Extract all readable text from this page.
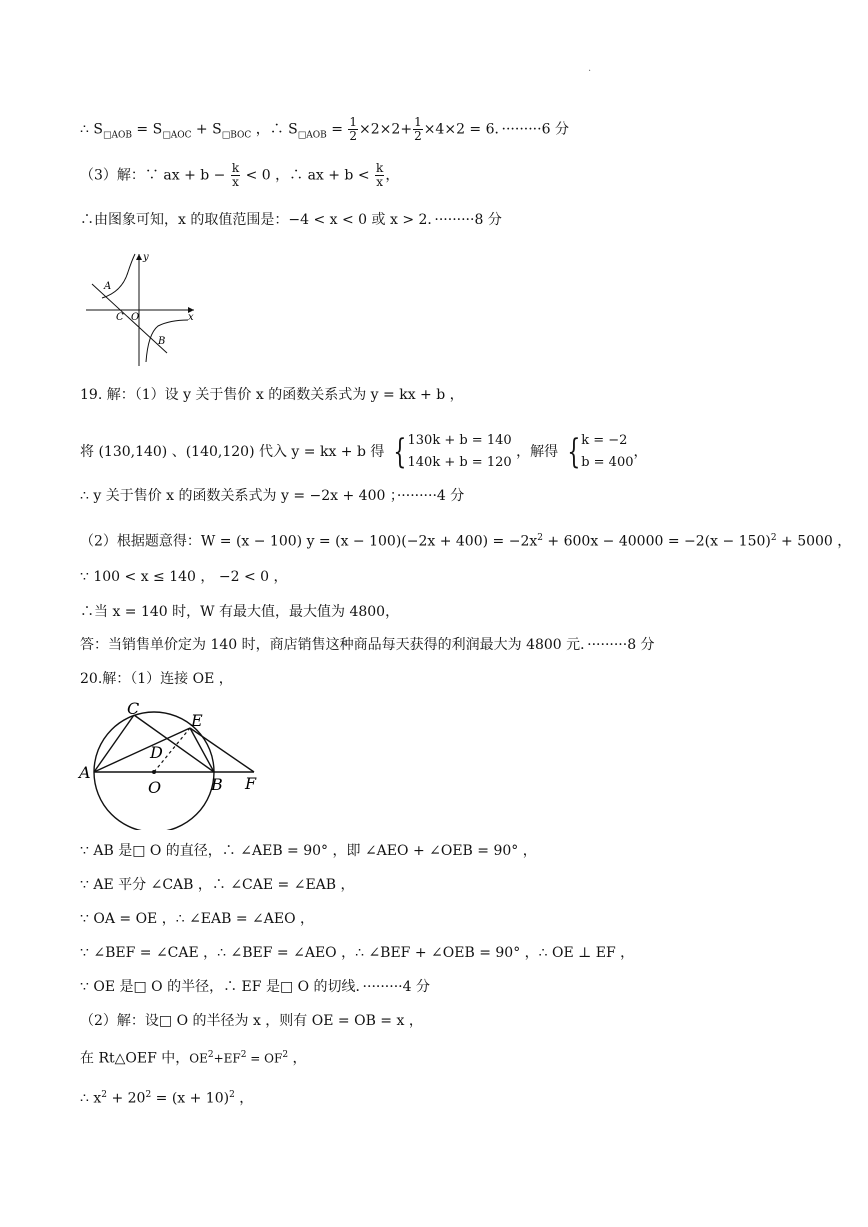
·
∴ $S_{□AOB} = S_{□AOC} + S_{□BOC}$ ，∴ $S_{□AOB} = \frac{1}{2} \times 2\times 2+ \frac{1}{2} \times 4\times 2 = 6$．·········6 分
（3）解：∵ ax + $b - \frac{k}{x} < 0$ ，∴ ax + $b < \frac{k}{x}$ ，
∴由图象可知，x 的取值范围是：−4 < x < 0 或 x > 2．·········8 分
y
x
A
C O
B
19. 解：（1）设 y 关于售价 x 的函数关系式为 y = kx + b ，
将 (130,140) 、(140,120) 代入 y = kx + b 得 { 130k + b = 140
140k + b = 120
，解得 { k = −2
b = 400
，
∴ y 关于售价 x 的函数关系式为 y = −2x + 400 ；·········4 分
（2）根据题意得：W = (x − 100) $y = (x - 100)(-2x + 400) = -2x^2 + 600x - 40000 = -2(x - 150)^2 + 5000$ ，
∵ 100 < x ≤ 140 ， −2 < 0 ，
∴当 x = 140 时，W 有最大值，最大值为 4800，
答：当销售单价定为 140 时，商店销售这种商品每天获得的利润最大为 4800 元．·········8 分
20.解：（1）连接 OE ，
C
E
D
A
O	B F
∵ AB 是□ O 的直径，∴ ∠AEB = 90° ，即 ∠AEO + ∠OEB = 90° ，
∵ AE 平分 ∠CAB ，∴ ∠CAE = ∠EAB ，
∵ OA = OE ，∴ ∠EAB = ∠AEO ，
∵ ∠BEF = ∠CAE ，∴ ∠BEF = ∠AEO ，∴ ∠BEF + ∠OEB = 90° ，∴ OE ⊥ EF ，
∵ OE 是□ O 的半径，∴ EF 是□ O 的切线．·········4 分
（2）解：设□ O 的半径为 x ，则有 OE = OB = x ，
在 Rt△OEF 中，$OE^2+EF^2 = OF^2$ ，
∴ $x^2 + 20^2 = (x + 10)^2$ ，
